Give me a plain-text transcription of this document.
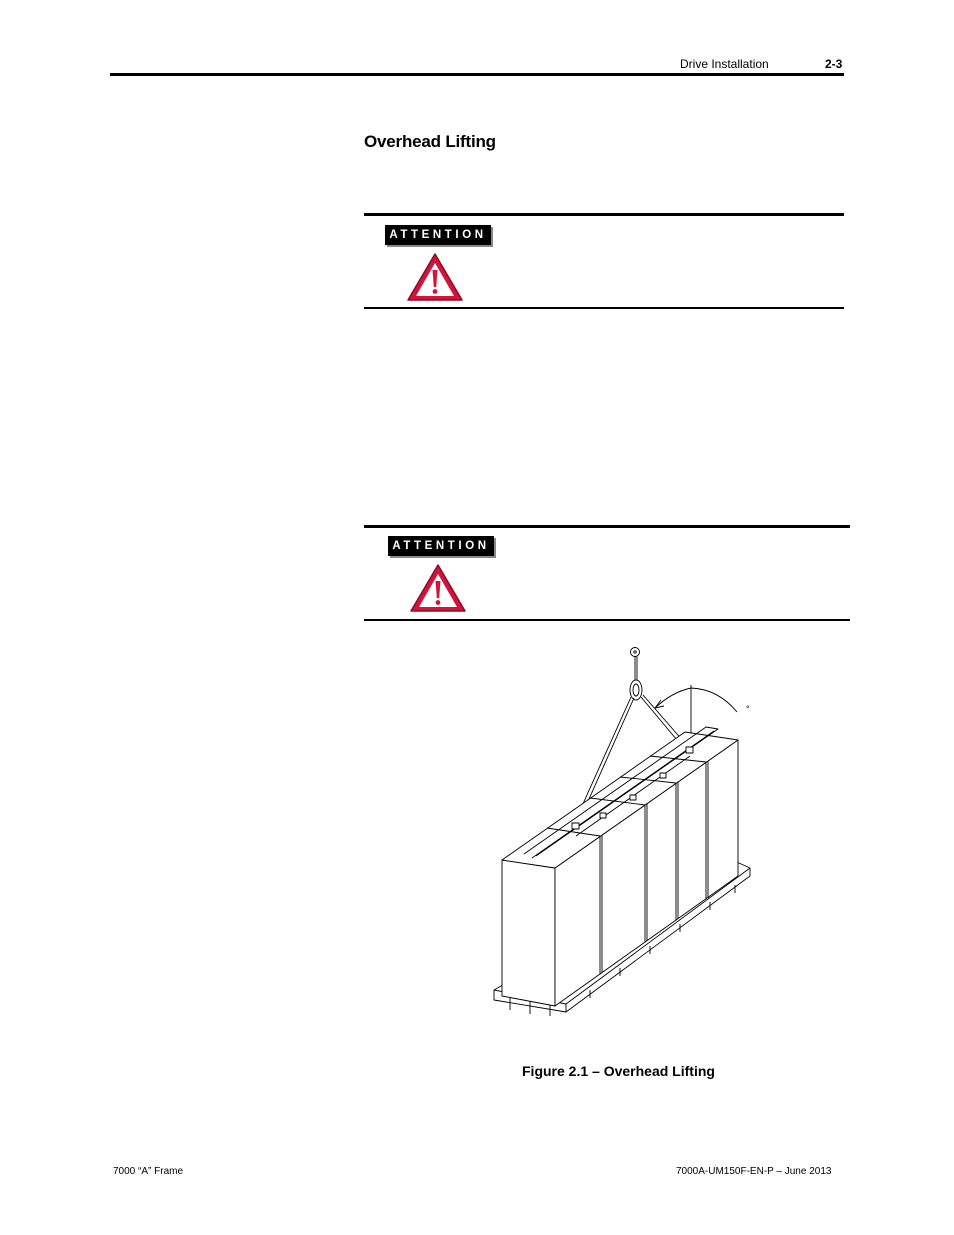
Drive Installation	2-3
Overhead Lifting
ATTENTION
ATTENTION
°
Figure 2.1 – Overhead Lifting
7000 “A” Frame	7000A-UM150F-EN-P – June 2013
